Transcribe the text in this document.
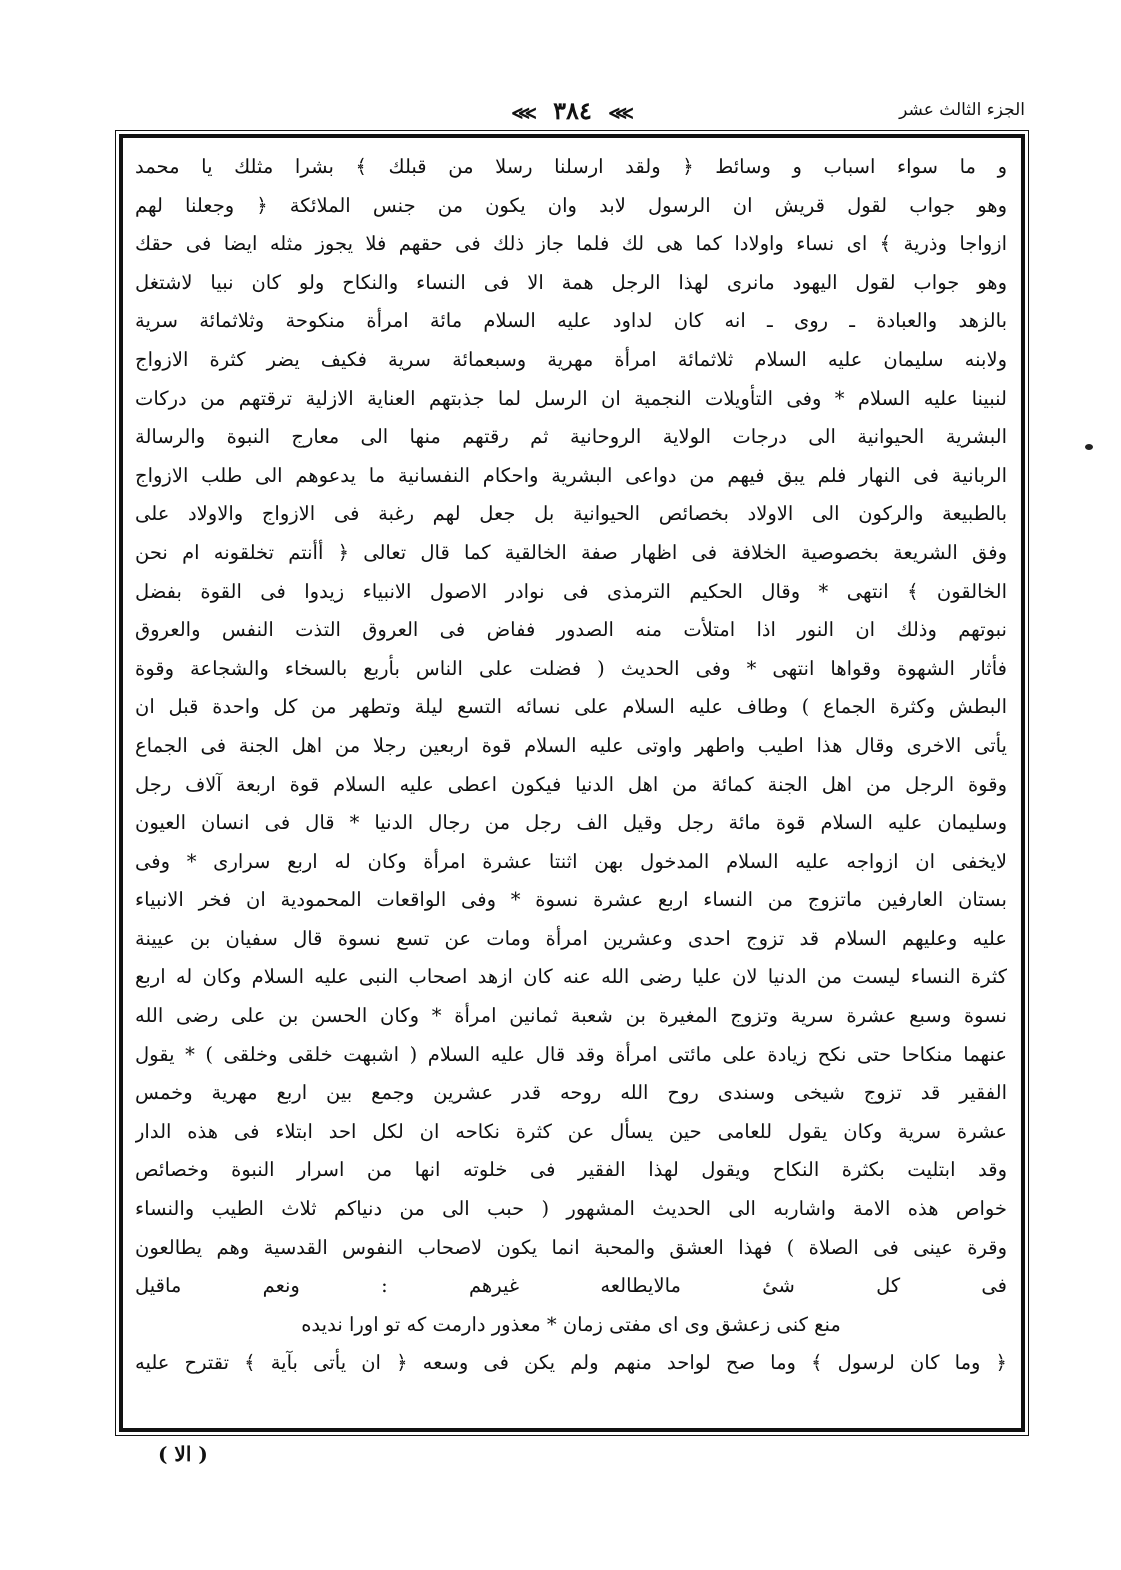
الجزء الثالث عشر
⋙ ٣٨٤ ⋙
و ما سواء اسباب و وسائط ﴿ ولقد ارسلنا رسلا من قبلك ﴾ بشرا مثلك يا محمد
وهو جواب لقول قريش ان الرسول لابد وان يكون من جنس الملائكة ﴿ وجعلنا لهم
ازواجا وذرية ﴾ اى نساء واولادا كما هى لك فلما جاز ذلك فى حقهم فلا يجوز مثله ايضا فى حقك
وهو جواب لقول اليهود مانرى لهذا الرجل همة الا فى النساء والنكاح ولو كان نبيا لاشتغل
بالزهد والعبادة ـ روى ـ انه كان لداود عليه السلام مائة امرأة منكوحة وثلاثمائة سرية
ولابنه سليمان عليه السلام ثلاثمائة امرأة مهرية وسبعمائة سرية فكيف يضر كثرة الازواج
لنبينا عليه السلام * وفى التأويلات النجمية ان الرسل لما جذبتهم العناية الازلية ترقتهم من دركات
البشرية الحيوانية الى درجات الولاية الروحانية ثم رقتهم منها الى معارج النبوة والرسالة
الربانية فى النهار فلم يبق فيهم من دواعى البشرية واحكام النفسانية ما يدعوهم الى طلب الازواج
بالطبيعة والركون الى الاولاد بخصائص الحيوانية بل جعل لهم رغبة فى الازواج والاولاد على
وفق الشريعة بخصوصية الخلافة فى اظهار صفة الخالقية كما قال تعالى ﴿ أأنتم تخلقونه ام نحن
الخالقون ﴾ انتهى * وقال الحكيم الترمذى فى نوادر الاصول الانبياء زيدوا فى القوة بفضل
نبوتهم وذلك ان النور اذا امتلأت منه الصدور ففاض فى العروق التذت النفس والعروق
فأثار الشهوة وقواها انتهى * وفى الحديث ( فضلت على الناس بأربع بالسخاء والشجاعة وقوة
البطش وكثرة الجماع ) وطاف عليه السلام على نسائه التسع ليلة وتطهر من كل واحدة قبل ان
يأتى الاخرى وقال هذا اطيب واطهر واوتى عليه السلام قوة اربعين رجلا من اهل الجنة فى الجماع
وقوة الرجل من اهل الجنة كمائة من اهل الدنيا فيكون اعطى عليه السلام قوة اربعة آلاف رجل
وسليمان عليه السلام قوة مائة رجل وقيل الف رجل من رجال الدنيا * قال فى انسان العيون
لايخفى ان ازواجه عليه السلام المدخول بهن اثنتا عشرة امرأة وكان له اربع سرارى * وفى
بستان العارفين ماتزوج من النساء اربع عشرة نسوة * وفى الواقعات المحمودية ان فخر الانبياء
عليه وعليهم السلام قد تزوج احدى وعشرين امرأة ومات عن تسع نسوة قال سفيان بن عيينة
كثرة النساء ليست من الدنيا لان عليا رضى الله عنه كان ازهد اصحاب النبى عليه السلام وكان له اربع
نسوة وسبع عشرة سرية وتزوج المغيرة بن شعبة ثمانين امرأة * وكان الحسن بن على رضى الله
عنهما منكاحا حتى نكح زيادة على مائتى امرأة وقد قال عليه السلام ( اشبهت خلقى وخلقى ) * يقول
الفقير قد تزوج شيخى وسندى روح الله روحه قدر عشرين وجمع بين اربع مهرية وخمس
عشرة سرية وكان يقول للعامى حين يسأل عن كثرة نكاحه ان لكل احد ابتلاء فى هذه الدار
وقد ابتليت بكثرة النكاح ويقول لهذا الفقير فى خلوته انها من اسرار النبوة وخصائص
خواص هذه الامة واشاربه الى الحديث المشهور ( حبب الى من دنياكم ثلاث الطيب والنساء
وقرة عينى فى الصلاة ) فهذا العشق والمحبة انما يكون لاصحاب النفوس القدسية وهم يطالعون
فى كل شئ مالايطالعه غيرهم : ونعم ماقيل
منع كنى زعشق وى اى مفتى زمان * معذور دارمت كه تو اورا نديده
﴿ وما كان لرسول ﴾ وما صح لواحد منهم ولم يكن فى وسعه ﴿ ان يأتى بآية ﴾ تقترح عليه
( الا )
